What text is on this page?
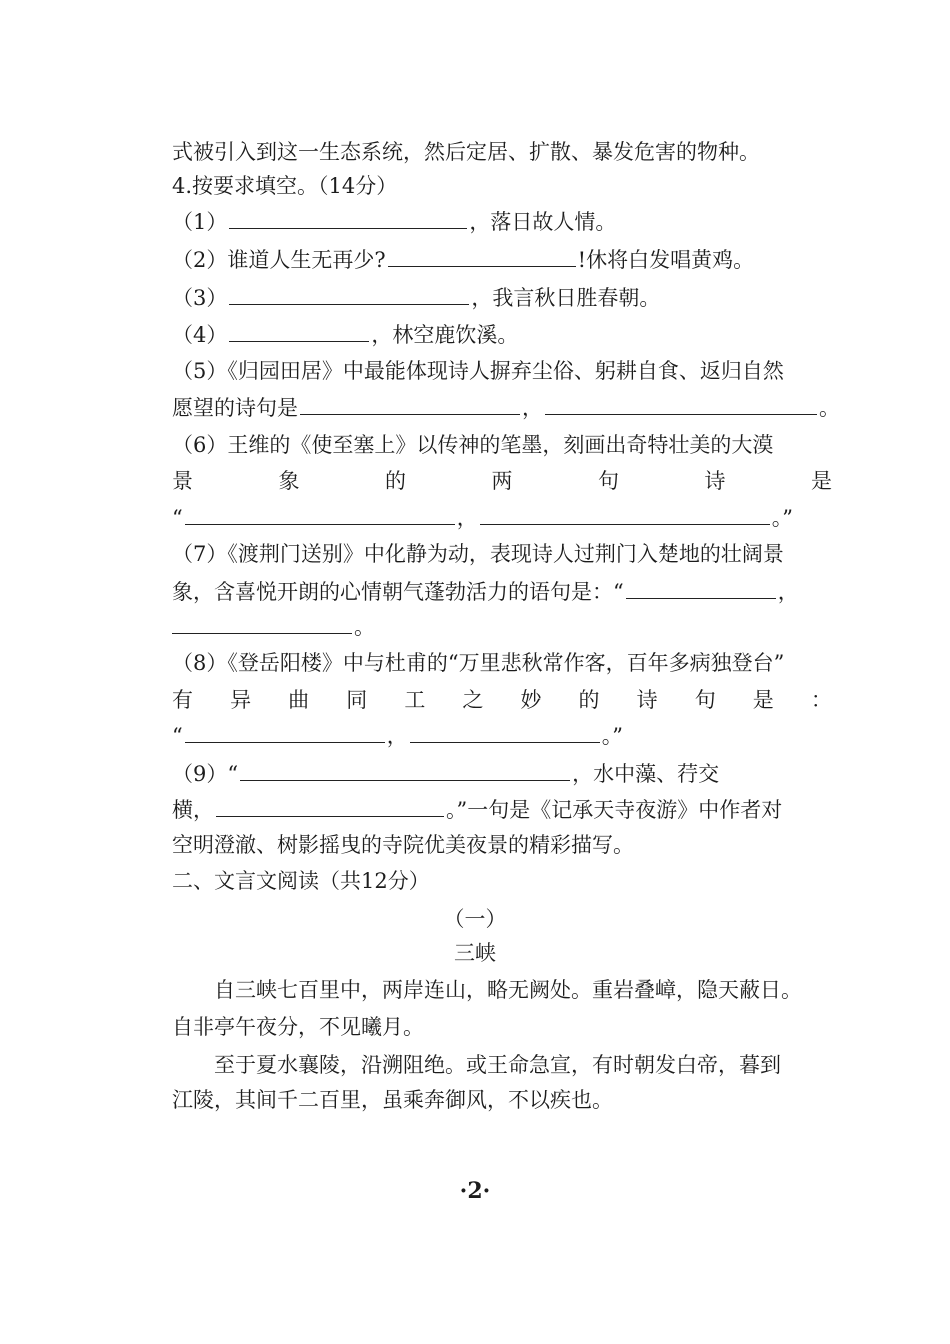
式被引入到这一生态系统，然后定居、扩散、暴发危害的物种。
4.按要求填空。（14分）
（1）	，落日故人情。
（2）谁道人生无再少?	!休将白发唱黄鸡。
（3）	，我言秋日胜春朝。
（4）	，林空鹿饮溪。
（5）《归园田居》中最能体现诗人摒弃尘俗、躬耕自食、返归自然
愿望的诗句是	，	。
（6）王维的《使至塞上》以传神的笔墨，刻画出奇特壮美的大漠
景	象	的	两	句	诗	是
“	，	。”
（7）《渡荆门送别》中化静为动，表现诗人过荆门入楚地的壮阔景
象，含喜悦开朗的心情朝气蓬勃活力的语句是：“	，
。
（8）《登岳阳楼》中与杜甫的“万里悲秋常作客，百年多病独登台”
有 异 曲 同 工 之 妙 的 诗 句 是 ：
“	，	。”
（9）“	，水中藻、荇交
横，	。”一句是《记承天寺夜游》中作者对
空明澄澈、树影摇曳的寺院优美夜景的精彩描写。
二、文言文阅读（共12分）
（一）
三峡
自三峡七百里中，两岸连山，略无阙处。重岩叠嶂，隐天蔽日。
自非亭午夜分，不见曦月。
至于夏水襄陵，沿溯阻绝。或王命急宣，有时朝发白帝，暮到
江陵，其间千二百里，虽乘奔御风，不以疾也。
·2·
